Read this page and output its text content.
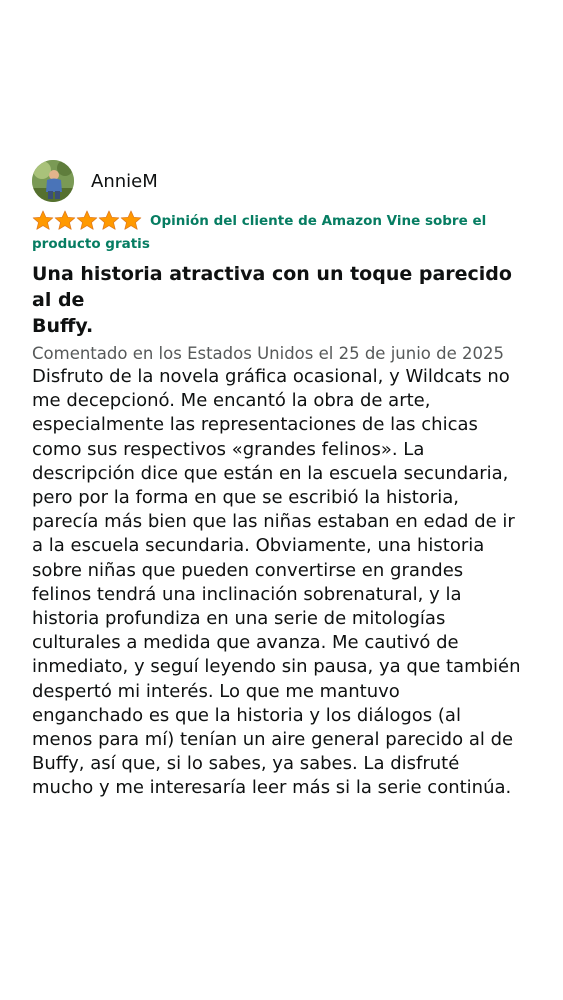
AnnieM
Opinión del cliente de Amazon Vine sobre el
producto gratis
Una historia atractiva con un toque parecido al de
Buffy.
Comentado en los Estados Unidos el 25 de junio de 2025
Disfruto de la novela gráfica ocasional, y Wildcats no
me decepcionó. Me encantó la obra de arte,
especialmente las representaciones de las chicas
como sus respectivos «grandes felinos». La
descripción dice que están en la escuela secundaria,
pero por la forma en que se escribió la historia,
parecía más bien que las niñas estaban en edad de ir
a la escuela secundaria. Obviamente, una historia
sobre niñas que pueden convertirse en grandes
felinos tendrá una inclinación sobrenatural, y la
historia profundiza en una serie de mitologías
culturales a medida que avanza. Me cautivó de
inmediato, y seguí leyendo sin pausa, ya que también
despertó mi interés. Lo que me mantuvo
enganchado es que la historia y los diálogos (al
menos para mí) tenían un aire general parecido al de
Buffy, así que, si lo sabes, ya sabes. La disfruté
mucho y me interesaría leer más si la serie continúa.
